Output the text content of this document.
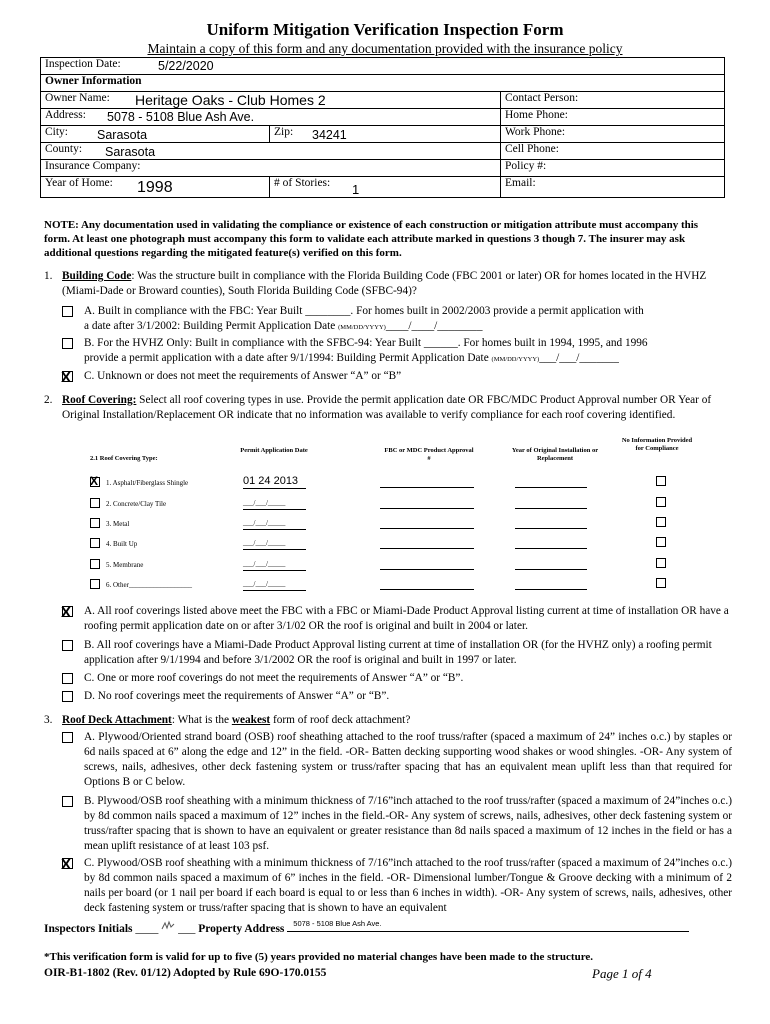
Uniform Mitigation Verification Inspection Form
Maintain a copy of this form and any documentation provided with the insurance policy
Inspection Date: 5/22/2020		

Owner Information		
Owner Name: Heritage Oaks - Club Homes 2		Contact Person:
Address: 5078 - 5108 Blue Ash Ave.		Home Phone:
City: Sarasota	Zip: 34241	Work Phone:
County: Sarasota		Cell Phone:
Insurance Company:		Policy #:
Year of Home: 1998	# of Stories: 1	Email:
NOTE: Any documentation used in validating the compliance or existence of each construction or mitigation attribute must accompany this form. At least one photograph must accompany this form to validate each attribute marked in questions 3 though 7. The insurer may ask additional questions regarding the mitigated feature(s) verified on this form.
1. Building Code: Was the structure built in compliance with the Florida Building Code (FBC 2001 or later) OR for homes located in the HVHZ (Miami-Dade or Broward counties), South Florida Building Code (SFBC-94)?
A. Built in compliance with the FBC: Year Built ________. For homes built in 2002/2003 provide a permit application with
a date after 3/1/2002: Building Permit Application Date (MM/DD/YYYY)____/____/________
B. For the HVHZ Only: Built in compliance with the SFBC-94: Year Built ______. For homes built in 1994, 1995, and 1996
provide a permit application with a date after 9/1/1994: Building Permit Application Date (MM/DD/YYYY)___/___/_______
X C. Unknown or does not meet the requirements of Answer “A” or “B”
2. Roof Covering: Select all roof covering types in use. Provide the permit application date OR FBC/MDC Product Approval number OR Year of Original Installation/Replacement OR indicate that no information was available to verify compliance for each roof covering identified.
2.1 Roof Covering Type:
Permit Application Date	FBC or MDC Product Approval #
Year of Original Installation or Replacement
No Information Provided for Compliance
X 1. Asphalt/Fiberglass Shingle	01 24 2013
2. Concrete/Clay Tile	___/___/_____
3. Metal	___/___/_____
4. Built Up	___/___/_____
5. Membrane	___/___/_____
6. Other__________________	___/___/_____
X A. All roof coverings listed above meet the FBC with a FBC or Miami-Dade Product Approval listing current at time of installation OR have a roofing permit application date on or after 3/1/02 OR the roof is original and built in 2004 or later.
B. All roof coverings have a Miami-Dade Product Approval listing current at time of installation OR (for the HVHZ only) a roofing permit application after 9/1/1994 and before 3/1/2002 OR the roof is original and built in 1997 or later.
C. One or more roof coverings do not meet the requirements of Answer “A” or “B”.
D. No roof coverings meet the requirements of Answer “A” or “B”.
3. Roof Deck Attachment: What is the weakest form of roof deck attachment?
A. Plywood/Oriented strand board (OSB) roof sheathing attached to the roof truss/rafter (spaced a maximum of 24” inches o.c.) by staples or 6d nails spaced at 6” along the edge and 12” in the field. -OR- Batten decking supporting wood shakes or wood shingles. -OR- Any system of screws, nails, adhesives, other deck fastening system or truss/rafter spacing that has an equivalent mean uplift less than that required for Options B or C below.
B. Plywood/OSB roof sheathing with a minimum thickness of 7/16”inch attached to the roof truss/rafter (spaced a maximum of 24”inches o.c.) by 8d common nails spaced a maximum of 12” inches in the field.-OR- Any system of screws, nails, adhesives, other deck fastening system or truss/rafter spacing that is shown to have an equivalent or greater resistance than 8d nails spaced a maximum of 12 inches in the field or has a mean uplift resistance of at least 103 psf.
X C. Plywood/OSB roof sheathing with a minimum thickness of 7/16”inch attached to the roof truss/rafter (spaced a maximum of 24”inches o.c.) by 8d common nails spaced a maximum of 6” inches in the field. -OR- Dimensional lumber/Tongue & Groove decking with a minimum of 2 nails per board (or 1 nail per board if each board is equal to or less than 6 inches in width). -OR- Any system of screws, nails, adhesives, other deck fastening system or truss/rafter spacing that is shown to have an equivalent
Inspectors Initials ____ ___ Property Address 5078 - 5108 Blue Ash Ave.
*This verification form is valid for up to five (5) years provided no material changes have been made to the structure.
OIR-B1-1802 (Rev. 01/12) Adopted by Rule 69O-170.0155	Page 1 of 4
